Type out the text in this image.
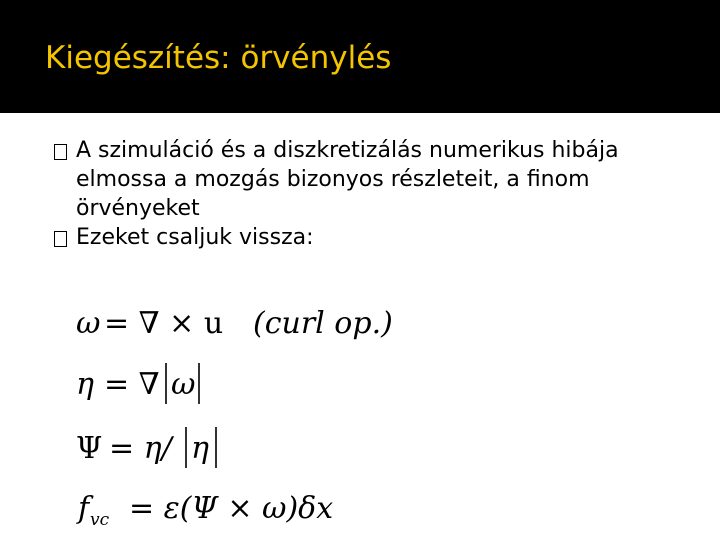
Kiegészítés: örvénylés
A szimuláció és a diszkretizálás numerikus hibája elmossa a mozgás bizonyos részleteit, a finom örvényeket
Ezeket csaljuk vissza:
ω = ∇ × u (curl op.)
η = ∇ ω
Ψ = η/ η
f vc = ε(Ψ × ω)δx
